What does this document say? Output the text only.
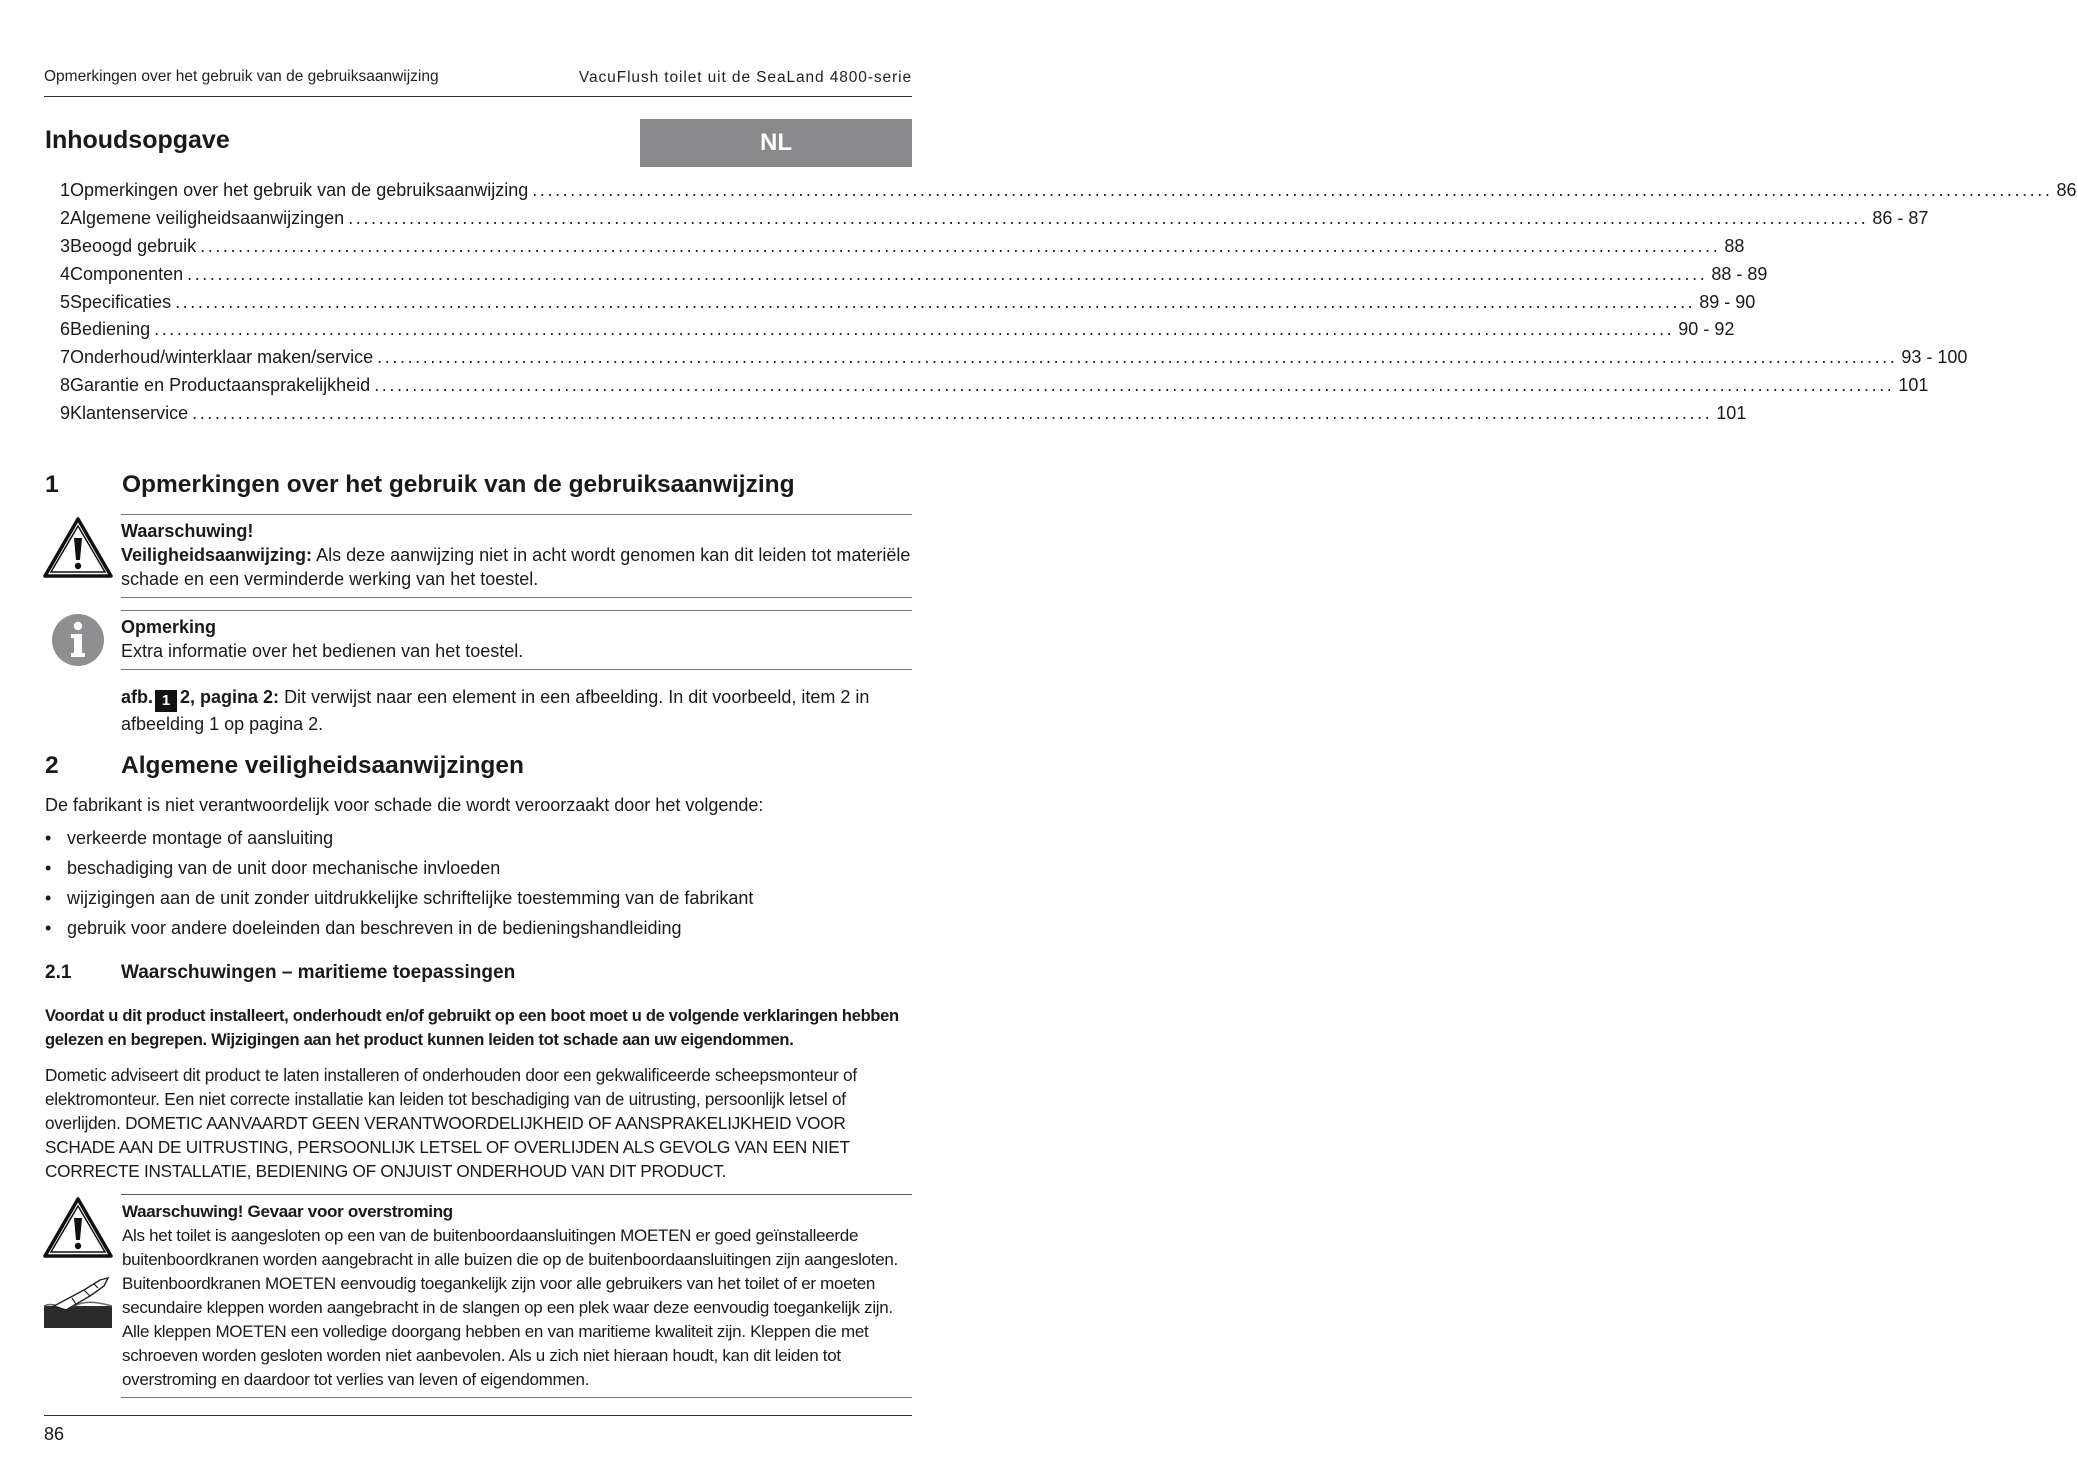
Opmerkingen over het gebruik van de gebruiksaanwijzing	VacuFlush toilet uit de SeaLand 4800-serie
Inhoudsopgave	NL
1 Opmerkingen over het gebruik van de gebruiksaanwijzing ........................................................................................................................................................................................................ 86
2 Algemene veiligheidsaanwijzingen ........................................................................................................................................................................................................ 86 - 87
3 Beoogd gebruik ........................................................................................................................................................................................................ 88
4 Componenten ........................................................................................................................................................................................................ 88 - 89
5 Specificaties ........................................................................................................................................................................................................ 89 - 90
6 Bediening ........................................................................................................................................................................................................ 90 - 92
7 Onderhoud/winterklaar maken/service ........................................................................................................................................................................................................ 93 - 100
8 Garantie en Productaansprakelijkheid ........................................................................................................................................................................................................ 101
9 Klantenservice ........................................................................................................................................................................................................ 101
1	Opmerkingen over het gebruik van de gebruiksaanwijzing
Waarschuwing!
Veiligheidsaanwijzing: Als deze aanwijzing niet in acht wordt genomen kan dit leiden tot materiële schade en een verminderde werking van het toestel.
Opmerking
Extra informatie over het bedienen van het toestel.
afb. 1 2, pagina 2: Dit verwijst naar een element in een afbeelding. In dit voorbeeld, item 2 in afbeelding 1 op pagina 2.
2	Algemene veiligheidsaanwijzingen
De fabrikant is niet verantwoordelijk voor schade die wordt veroorzaakt door het volgende:
• verkeerde montage of aansluiting
• beschadiging van de unit door mechanische invloeden
• wijzigingen aan de unit zonder uitdrukkelijke schriftelijke toestemming van de fabrikant
• gebruik voor andere doeleinden dan beschreven in de bedieningshandleiding
2.1	Waarschuwingen – maritieme toepassingen
Voordat u dit product installeert, onderhoudt en/of gebruikt op een boot moet u de volgende verklaringen hebben gelezen en begrepen. Wijzigingen aan het product kunnen leiden tot schade aan uw eigendommen.
Dometic adviseert dit product te laten installeren of onderhouden door een gekwalificeerde scheepsmonteur of elektromonteur. Een niet correcte installatie kan leiden tot beschadiging van de uitrusting, persoonlijk letsel of overlijden. DOMETIC AANVAARDT GEEN VERANTWOORDELIJKHEID OF AANSPRAKELIJKHEID VOOR SCHADE AAN DE UITRUSTING, PERSOONLIJK LETSEL OF OVERLIJDEN ALS GEVOLG VAN EEN NIET CORRECTE INSTALLATIE, BEDIENING OF ONJUIST ONDERHOUD VAN DIT PRODUCT.
Waarschuwing! Gevaar voor overstroming
Als het toilet is aangesloten op een van de buitenboordaansluitingen MOETEN er goed geïnstalleerde buitenboordkranen worden aangebracht in alle buizen die op de buitenboordaansluitingen zijn aangesloten. Buitenboordkranen MOETEN eenvoudig toegankelijk zijn voor alle gebruikers van het toilet of er moeten secundaire kleppen worden aangebracht in de slangen op een plek waar deze eenvoudig toegankelijk zijn. Alle kleppen MOETEN een volledige doorgang hebben en van maritieme kwaliteit zijn. Kleppen die met schroeven worden gesloten worden niet aanbevolen. Als u zich niet hieraan houdt, kan dit leiden tot overstroming en daardoor tot verlies van leven of eigendommen.
86
